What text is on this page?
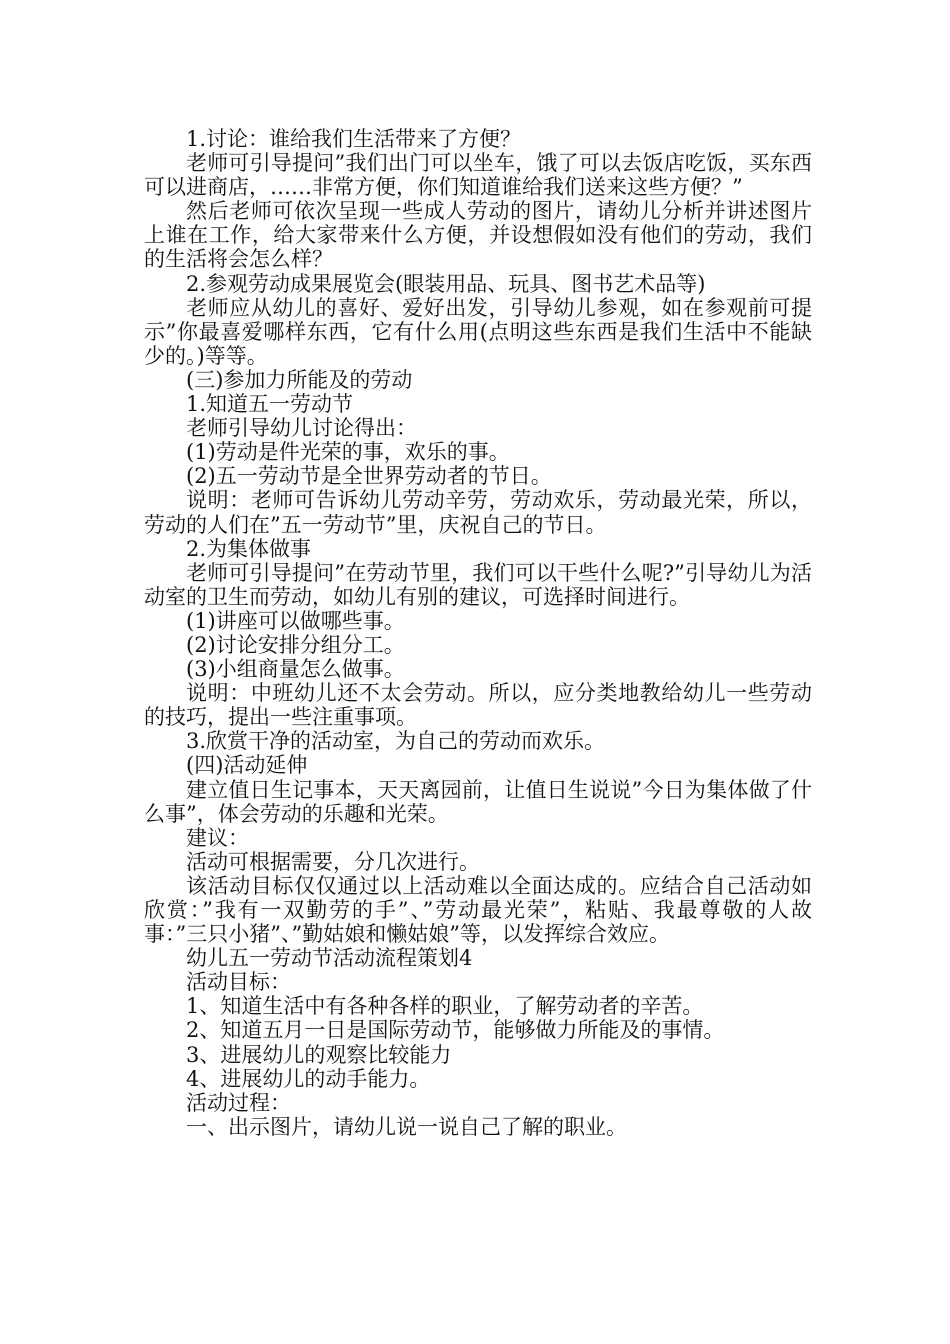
1.讨论：谁给我们生活带来了方便？

老师可引导提问”我们出门可以坐车，饿了可以去饭店吃饭，买东西可以进商店，……非常方便，你们知道谁给我们送来这些方便？”

然后老师可依次呈现一些成人劳动的图片，请幼儿分析并讲述图片上谁在工作，给大家带来什么方便，并设想假如没有他们的劳动，我们的生活将会怎么样？

2.参观劳动成果展览会(眼装用品、玩具、图书艺术品等)

老师应从幼儿的喜好、爱好出发，引导幼儿参观，如在参观前可提示”你最喜爱哪样东西，它有什么用(点明这些东西是我们生活中不能缺少的。)等等。

(三)参加力所能及的劳动

1.知道五一劳动节

老师引导幼儿讨论得出：

(1)劳动是件光荣的事，欢乐的事。

(2)五一劳动节是全世界劳动者的节日。

说明：老师可告诉幼儿劳动辛劳，劳动欢乐，劳动最光荣，所以，劳动的人们在”五一劳动节”里，庆祝自己的节日。

2.为集体做事

老师可引导提问”在劳动节里，我们可以干些什么呢?”引导幼儿为活动室的卫生而劳动，如幼儿有别的建议，可选择时间进行。

(1)讲座可以做哪些事。

(2)讨论安排分组分工。

(3)小组商量怎么做事。

说明：中班幼儿还不太会劳动。所以，应分类地教给幼儿一些劳动的技巧，提出一些注重事项。

3.欣赏干净的活动室，为自己的劳动而欢乐。

(四)活动延伸

建立值日生记事本，天天离园前，让值日生说说”今日为集体做了什么事”，体会劳动的乐趣和光荣。

建议：

活动可根据需要，分几次进行。

该活动目标仅仅通过以上活动难以全面达成的。应结合自己活动如欣赏：”我有一双勤劳的手”、”劳动最光荣”，粘贴、我最尊敬的人故事：”三只小猪”、”勤姑娘和懒姑娘”等，以发挥综合效应。

幼儿五一劳动节活动流程策划4

活动目标：

1、知道生活中有各种各样的职业，了解劳动者的辛苦。

2、知道五月一日是国际劳动节，能够做力所能及的事情。

3、进展幼儿的观察比较能力

4、进展幼儿的动手能力。

活动过程：

一、出示图片，请幼儿说一说自己了解的职业。
